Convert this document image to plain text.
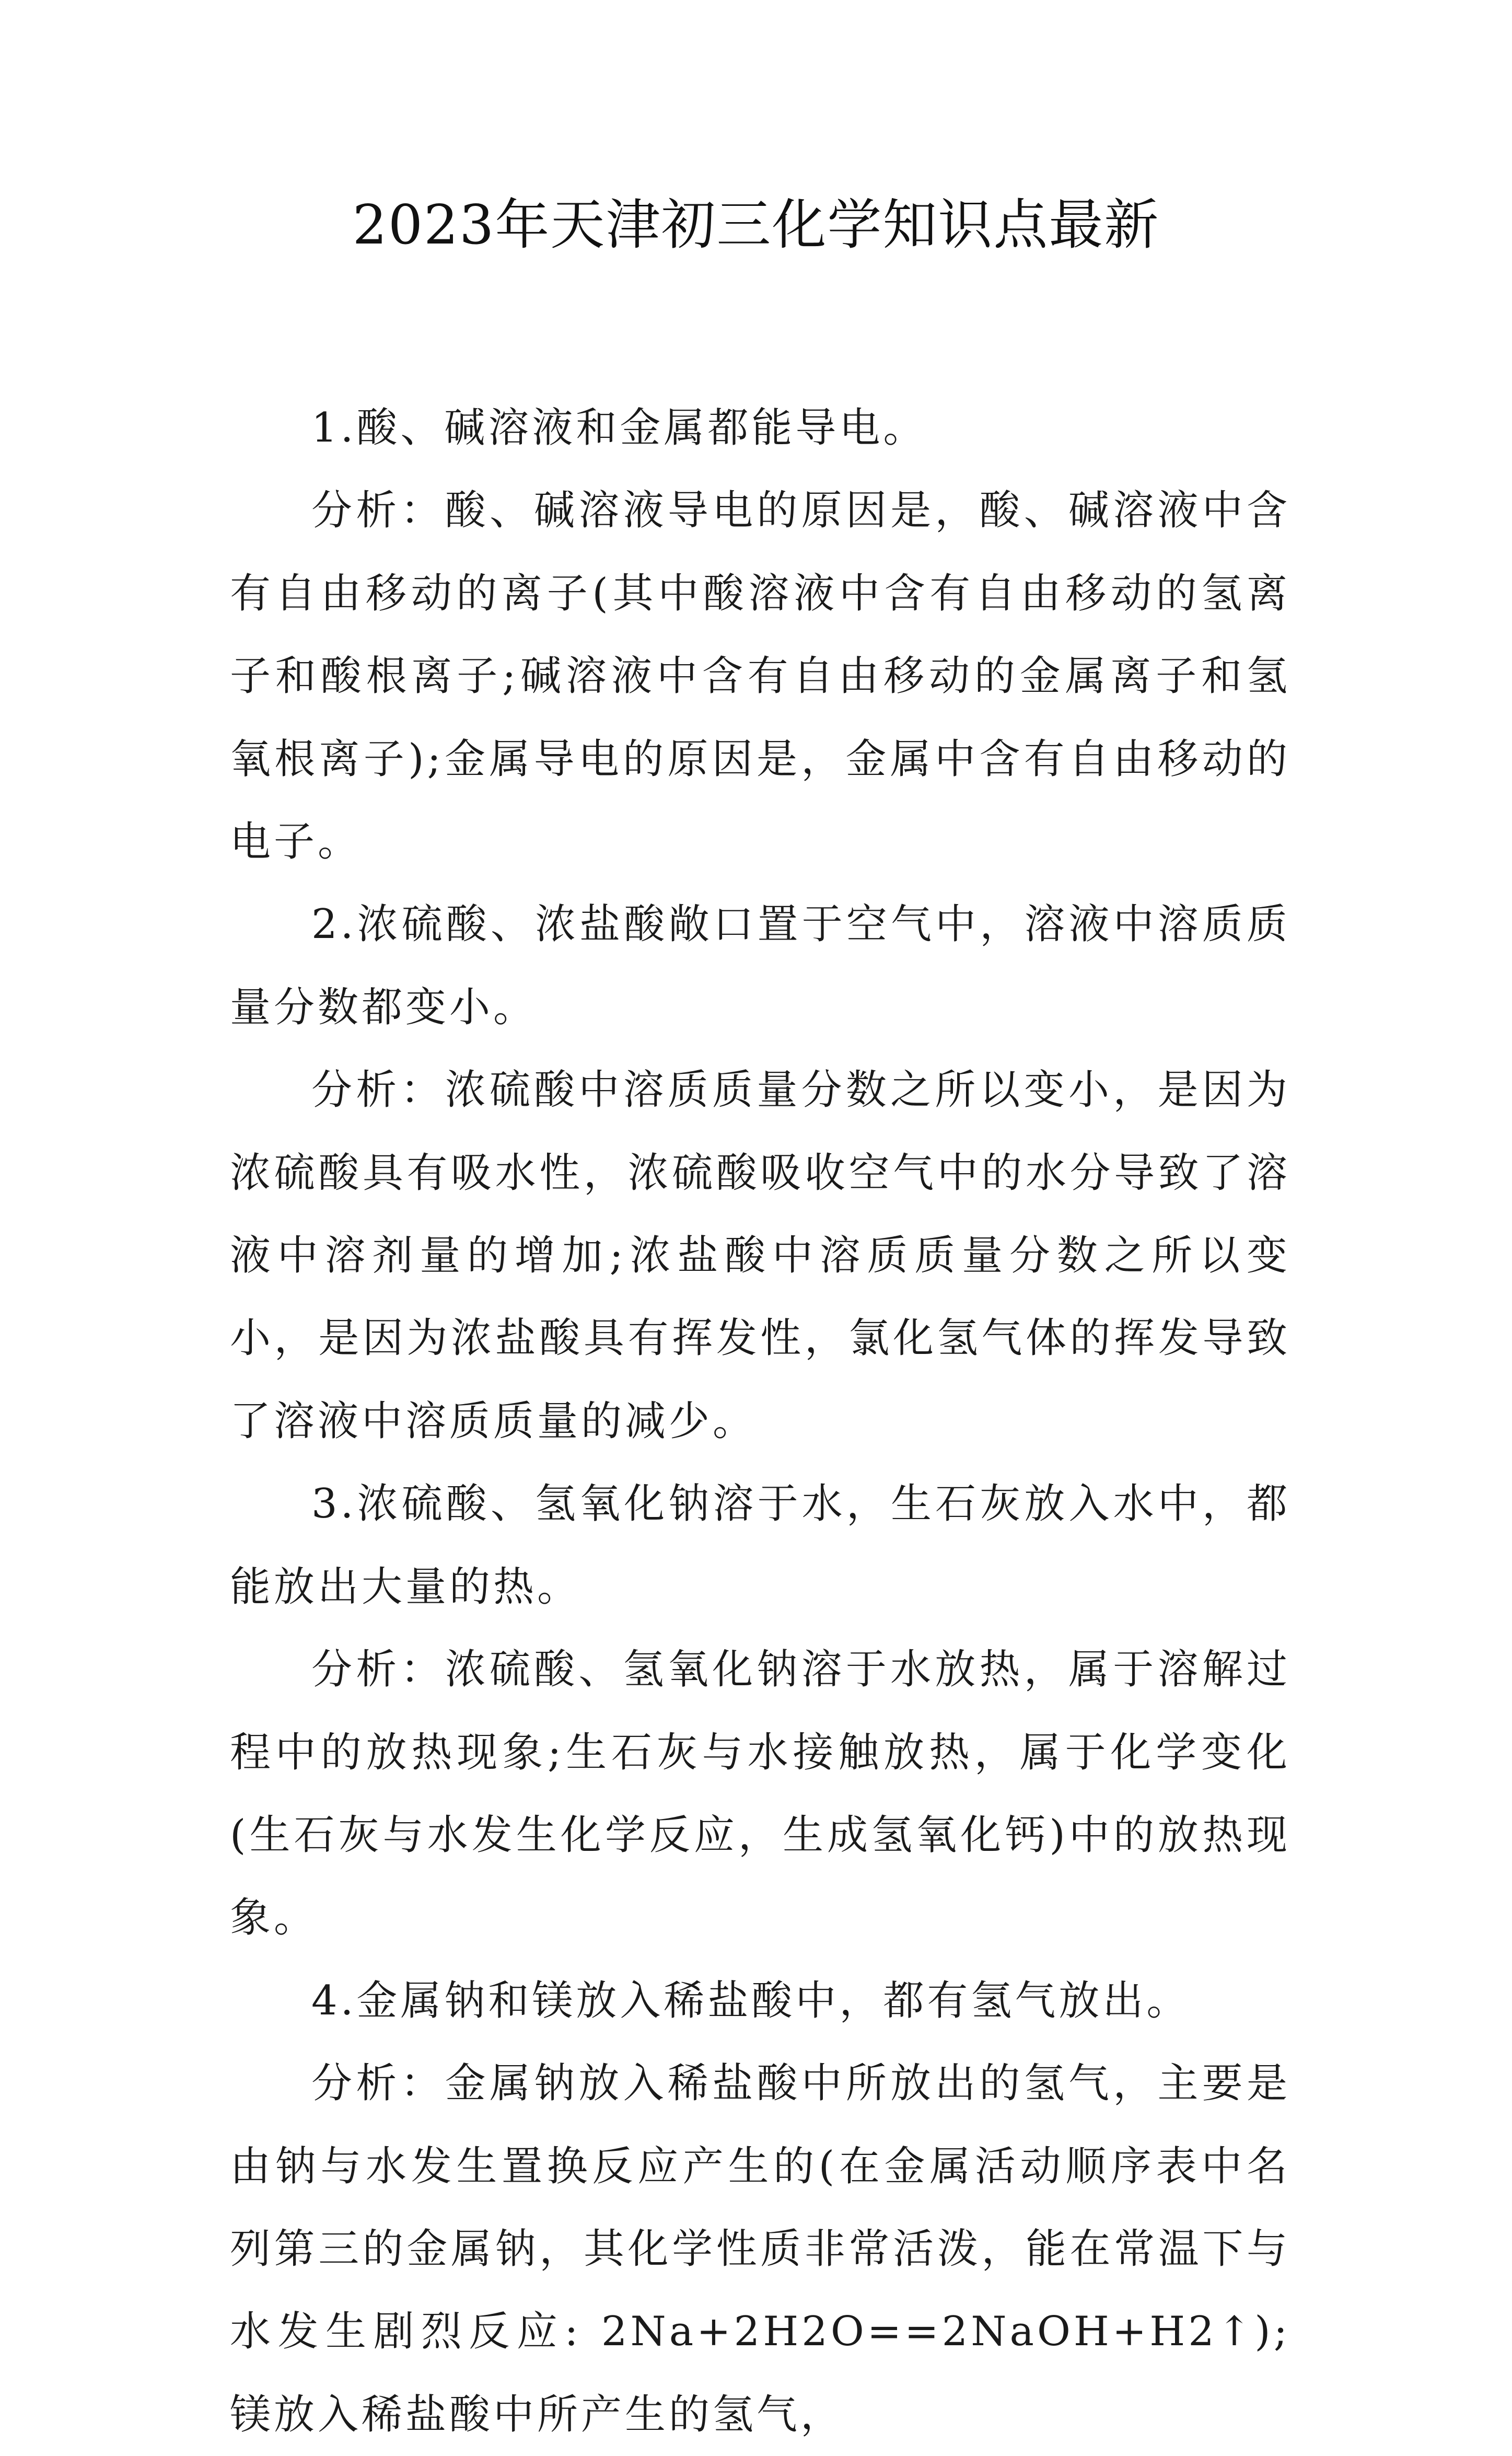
2023年天津初三化学知识点最新

1.酸、碱溶液和金属都能导电。

分析：酸、碱溶液导电的原因是，酸、碱溶液中含有自由移动的离子(其中酸溶液中含有自由移动的氢离子和酸根离子;碱溶液中含有自由移动的金属离子和氢氧根离子);金属导电的原因是，金属中含有自由移动的电子。

2.浓硫酸、浓盐酸敞口置于空气中，溶液中溶质质量分数都变小。

分析：浓硫酸中溶质质量分数之所以变小，是因为浓硫酸具有吸水性，浓硫酸吸收空气中的水分导致了溶液中溶剂量的增加;浓盐酸中溶质质量分数之所以变小，是因为浓盐酸具有挥发性，氯化氢气体的挥发导致了溶液中溶质质量的减少。

3.浓硫酸、氢氧化钠溶于水，生石灰放入水中，都能放出大量的热。

分析：浓硫酸、氢氧化钠溶于水放热，属于溶解过程中的放热现象;生石灰与水接触放热，属于化学变化(生石灰与水发生化学反应，生成氢氧化钙)中的放热现象。

4.金属钠和镁放入稀盐酸中，都有氢气放出。

分析：金属钠放入稀盐酸中所放出的氢气，主要是由钠与水发生置换反应产生的(在金属活动顺序表中名列第三的金属钠，其化学性质非常活泼，能在常温下与水发生剧烈反应: 2Na+2H2O==2NaOH+H2↑);镁放入稀盐酸中所产生的氢气，
